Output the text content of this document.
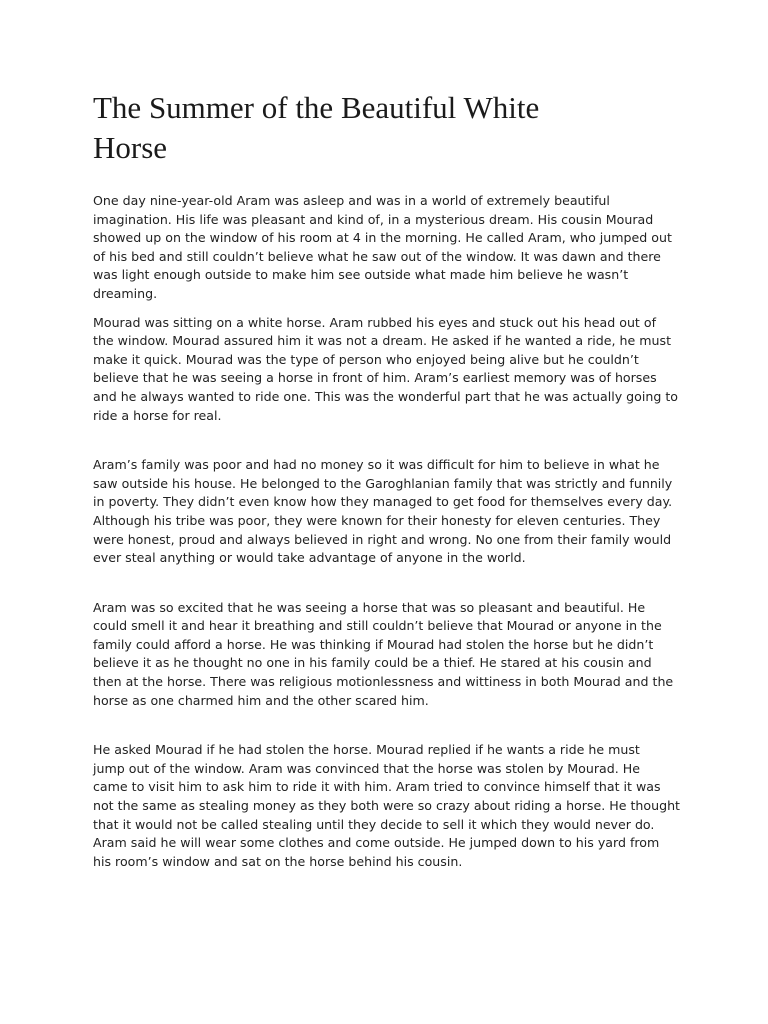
The Summer of the Beautiful White
Horse

One day nine-year-old Aram was asleep and was in a world of extremely beautiful
imagination. His life was pleasant and kind of, in a mysterious dream. His cousin Mourad
showed up on the window of his room at 4 in the morning. He called Aram, who jumped out
of his bed and still couldn’t believe what he saw out of the window. It was dawn and there
was light enough outside to make him see outside what made him believe he wasn’t
dreaming.

Mourad was sitting on a white horse. Aram rubbed his eyes and stuck out his head out of
the window. Mourad assured him it was not a dream. He asked if he wanted a ride, he must
make it quick. Mourad was the type of person who enjoyed being alive but he couldn’t
believe that he was seeing a horse in front of him. Aram’s earliest memory was of horses
and he always wanted to ride one. This was the wonderful part that he was actually going to
ride a horse for real.

Aram’s family was poor and had no money so it was difficult for him to believe in what he
saw outside his house. He belonged to the Garoghlanian family that was strictly and funnily
in poverty. They didn’t even know how they managed to get food for themselves every day.
Although his tribe was poor, they were known for their honesty for eleven centuries. They
were honest, proud and always believed in right and wrong. No one from their family would
ever steal anything or would take advantage of anyone in the world.

Aram was so excited that he was seeing a horse that was so pleasant and beautiful. He
could smell it and hear it breathing and still couldn’t believe that Mourad or anyone in the
family could afford a horse. He was thinking if Mourad had stolen the horse but he didn’t
believe it as he thought no one in his family could be a thief. He stared at his cousin and
then at the horse. There was religious motionlessness and wittiness in both Mourad and the
horse as one charmed him and the other scared him.

He asked Mourad if he had stolen the horse. Mourad replied if he wants a ride he must
jump out of the window. Aram was convinced that the horse was stolen by Mourad. He
came to visit him to ask him to ride it with him. Aram tried to convince himself that it was
not the same as stealing money as they both were so crazy about riding a horse. He thought
that it would not be called stealing until they decide to sell it which they would never do.
Aram said he will wear some clothes and come outside. He jumped down to his yard from
his room’s window and sat on the horse behind his cousin.
